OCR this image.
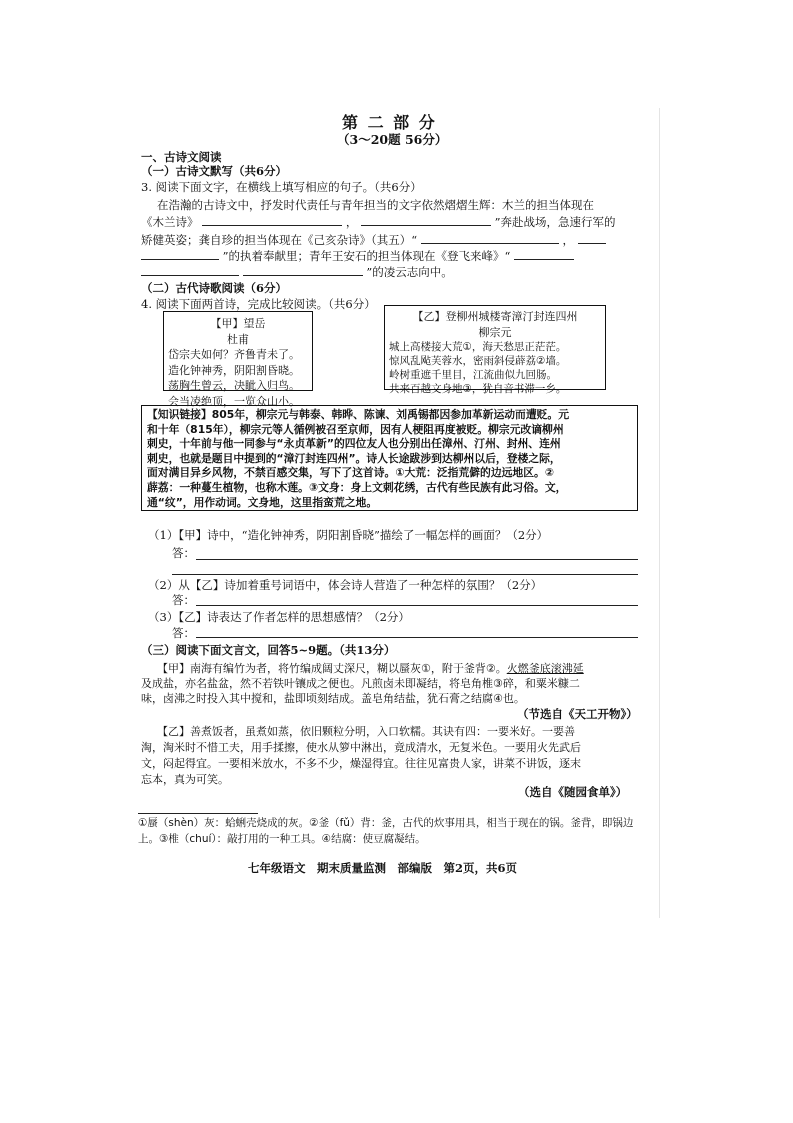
第 二 部 分
（3～20题 56分）
一、古诗文阅读
（一）古诗文默写（共6分）
3. 阅读下面文字，在横线上填写相应的句子。（共6分）
在浩瀚的古诗文中，抒发时代责任与青年担当的文字依然熠熠生辉：木兰的担当体现在
《木兰诗》	，	”奔赴战场，急速行军的
矫健英姿；龚自珍的担当体现在《己亥杂诗》（其五）“	，
”的执着奉献里；青年王安石的担当体现在《登飞来峰》“
”的凌云志向中。
（二）古代诗歌阅读（6分）
4. 阅读下面两首诗，完成比较阅读。（共6分）
【甲】望岳
杜甫
岱宗夫如何？齐鲁青未了。
造化钟神秀，阴阳割昏晓。
荡胸生曾云，决眦入归鸟。
会当凌绝顶，一览众山小。
【乙】登柳州城楼寄漳汀封连四州
柳宗元
城上高楼接大荒①，海天愁思正茫茫。
惊风乱飐芙蓉水，密雨斜侵薜荔②墙。
岭树重遮千里目，江流曲似九回肠。
共来百越文身地③，犹自音书滞一乡。
【知识链接】805年，柳宗元与韩泰、韩晔、陈谏、刘禹锡都因参加革新运动而遭贬。元
和十年（815年），柳宗元等人循例被召至京师，因有人梗阻再度被贬。柳宗元改谪柳州
刺史，十年前与他一同参与“永贞革新”的四位友人也分别出任漳州、汀州、封州、连州
刺史，也就是题目中提到的“漳汀封连四州”。诗人长途跋涉到达柳州以后，登楼之际，
面对满目异乡风物，不禁百感交集，写下了这首诗。①大荒：泛指荒僻的边远地区。②
薜荔：一种蔓生植物，也称木莲。③文身：身上文刺花绣，古代有些民族有此习俗。文，
通“纹”，用作动词。文身地，这里指蛮荒之地。
（1）【甲】诗中，“造化钟神秀，阴阳割昏晓”描绘了一幅怎样的画面？（2分）
答：
（2）从【乙】诗加着重号词语中，体会诗人营造了一种怎样的氛围？（2分）
答：
（3）【乙】诗表达了作者怎样的思想感情？（2分）
答：
（三）阅读下面文言文，回答5~9题。（共13分）
【甲】南海有编竹为者，将竹编成阔丈深尺，糊以蜃灰①，附于釜背②。火燃釜底滚沸延
及成盐，亦名盐盆，然不若铁叶镶成之便也。凡煎卤未即凝结，将皂角椎③碎，和粟米糠二
味，卤沸之时投入其中搅和，盐即顷刻结成。盖皂角结盐，犹石膏之结腐④也。
（节选自《天工开物》）
【乙】善煮饭者，虽煮如蒸，依旧颗粒分明，入口软糯。其诀有四：一要米好。一要善
淘，淘米时不惜工夫，用手揉擦，使水从箩中淋出，竟成清水，无复米色。一要用火先武后
文，闷起得宜。一要相米放水，不多不少，燥湿得宜。往往见富贵人家，讲菜不讲饭，逐末
忘本，真为可笑。
（选自《随园食单》）
①蜃（shèn）灰：蛤蜊壳烧成的灰。②釜（fǔ）背：釜，古代的炊事用具，相当于现在的锅。釜背，即锅边
上。③椎（chuí）：敲打用的一种工具。④结腐：使豆腐凝结。
七年级语文　期末质量监测　部编版　第2页，共6页
